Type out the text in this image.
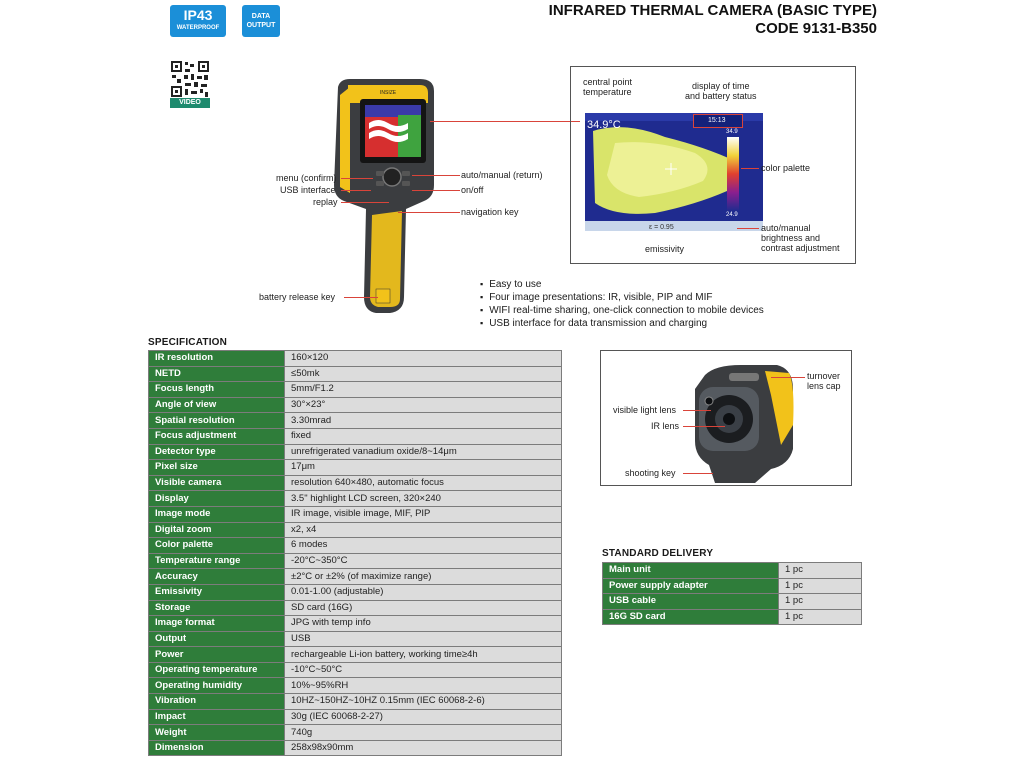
IP43
WATERPROOF
DATA
OUTPUT
VIDEO
INFRARED THERMAL CAMERA (BASIC TYPE)
CODE 9131-B350
INSIZE
menu (confirm)
USB interface
replay
auto/manual (return)
on/off
navigation key
battery release key
34.9°C	15:13
34.9
24.9
ε = 0.95
central point
temperature
display of time
and battery status
color palette
emissivity
auto/manual
brightness and
contrast adjustment
▪ Easy to use
▪ Four image presentations: IR, visible, PIP and MIF
▪ WIFI real-time sharing, one-click connection to mobile devices
▪ USB interface for data transmission and charging
turnover
lens cap
visible light lens
IR lens
shooting key
SPECIFICATION
IR resolution	160×120
NETD	≤50mk
Focus length	5mm/F1.2
Angle of view	30°×23°
Spatial resolution	3.30mrad
Focus adjustment	fixed
Detector type	unrefrigerated vanadium oxide/8~14μm
Pixel size	17μm
Visible camera	resolution 640×480, automatic focus
Display	3.5" highlight LCD screen, 320×240
Image mode	IR image, visible image, MIF, PIP
Digital zoom	x2, x4
Color palette	6 modes
Temperature range	-20°C~350°C
Accuracy	±2°C or ±2% (of maximize range)
Emissivity	0.01-1.00 (adjustable)
Storage	SD card (16G)
Image format	JPG with temp info
Output	USB
Power	rechargeable Li-ion battery, working time≥4h
Operating temperature	-10°C~50°C
Operating humidity	10%~95%RH
Vibration	10HZ~150HZ~10HZ 0.15mm (IEC 60068-2-6)
Impact	30g (IEC 60068-2-27)
Weight	740g
Dimension	258x98x90mm
STANDARD DELIVERY
Main unit	1 pc
Power supply adapter	1 pc
USB cable	1 pc
16G SD card	1 pc
